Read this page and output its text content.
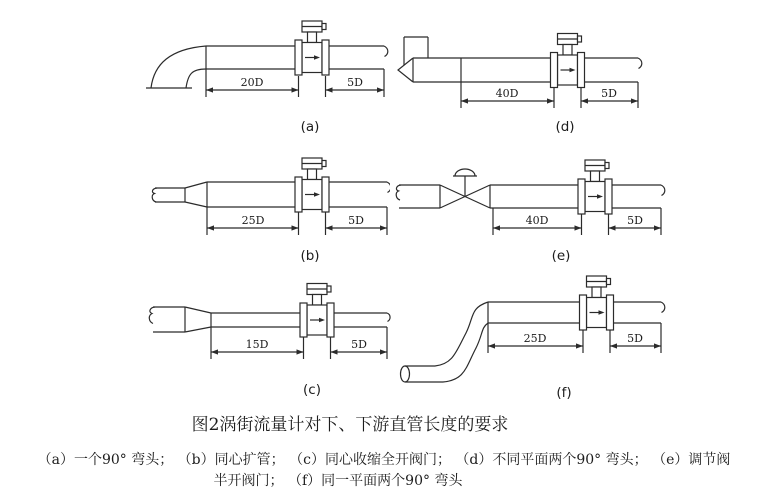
20D	5D
(a)
40D	5D
(d)
25D	5D
(b)
40D	5D
(e)
15D	5D
(c)
25D	5D
(f)
图2涡街流量计对下、下游直管长度的要求
（a）一个90° 弯头； （b）同心扩管； （c）同心收缩全开阀门； （d）不同平面两个90° 弯头； （e）调节阀
半开阀门； （f）同一平面两个90° 弯头
